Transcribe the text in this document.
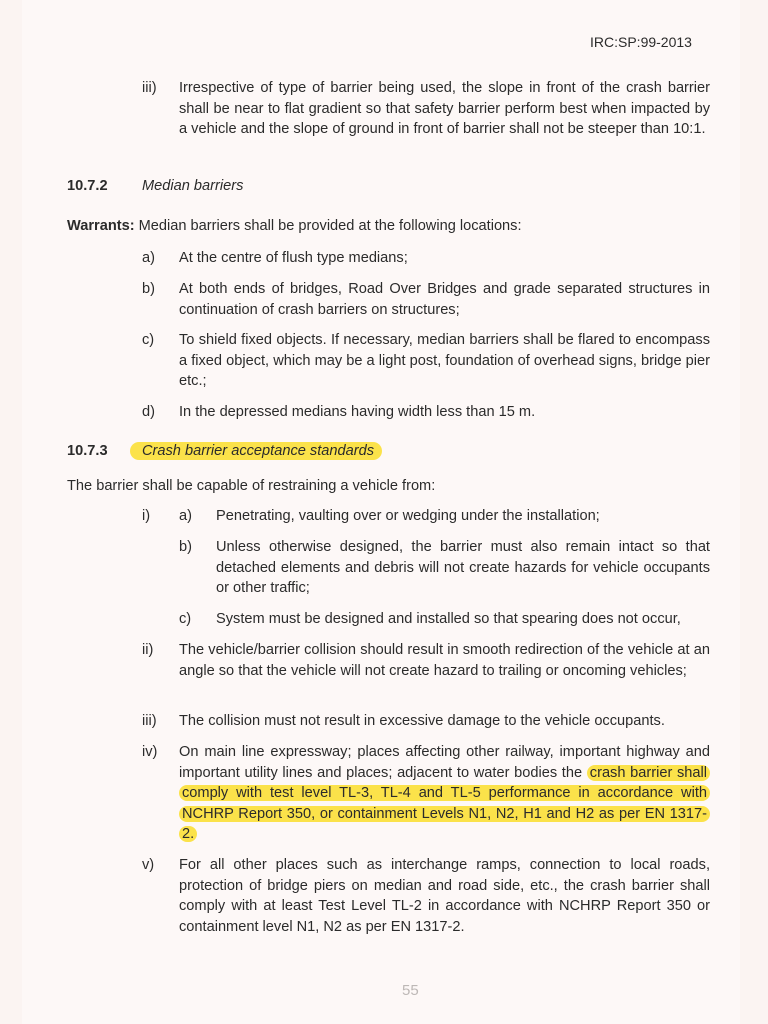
IRC:SP:99-2013
iii) Irrespective of type of barrier being used, the slope in front of the crash barrier shall be near to flat gradient so that safety barrier perform best when impacted by a vehicle and the slope of ground in front of barrier shall not be steeper than 10:1.
10.7.2 Median barriers
Warrants: Median barriers shall be provided at the following locations:
a) At the centre of flush type medians;
b) At both ends of bridges, Road Over Bridges and grade separated structures in continuation of crash barriers on structures;
c) To shield fixed objects. If necessary, median barriers shall be flared to encompass a fixed object, which may be a light post, foundation of overhead signs, bridge pier etc.;
d) In the depressed medians having width less than 15 m.
10.7.3	Crash barrier acceptance standards
The barrier shall be capable of restraining a vehicle from:
i) a) Penetrating, vaulting over or wedging under the installation;
b) Unless otherwise designed, the barrier must also remain intact so that detached elements and debris will not create hazards for vehicle occupants or other traffic;
c) System must be designed and installed so that spearing does not occur,
ii) The vehicle/barrier collision should result in smooth redirection of the vehicle at an angle so that the vehicle will not create hazard to trailing or oncoming vehicles;
iii) The collision must not result in excessive damage to the vehicle occupants.
iv) On main line expressway; places affecting other railway, important highway and important utility lines and places; adjacent to water bodies the crash barrier shall comply with test level TL-3, TL-4 and TL-5 performance in accordance with NCHRP Report 350, or containment Levels N1, N2, H1 and H2 as per EN 1317-2.
v) For all other places such as interchange ramps, connection to local roads, protection of bridge piers on median and road side, etc., the crash barrier shall comply with at least Test Level TL-2 in accordance with NCHRP Report 350 or containment level N1, N2 as per EN 1317-2.
55
